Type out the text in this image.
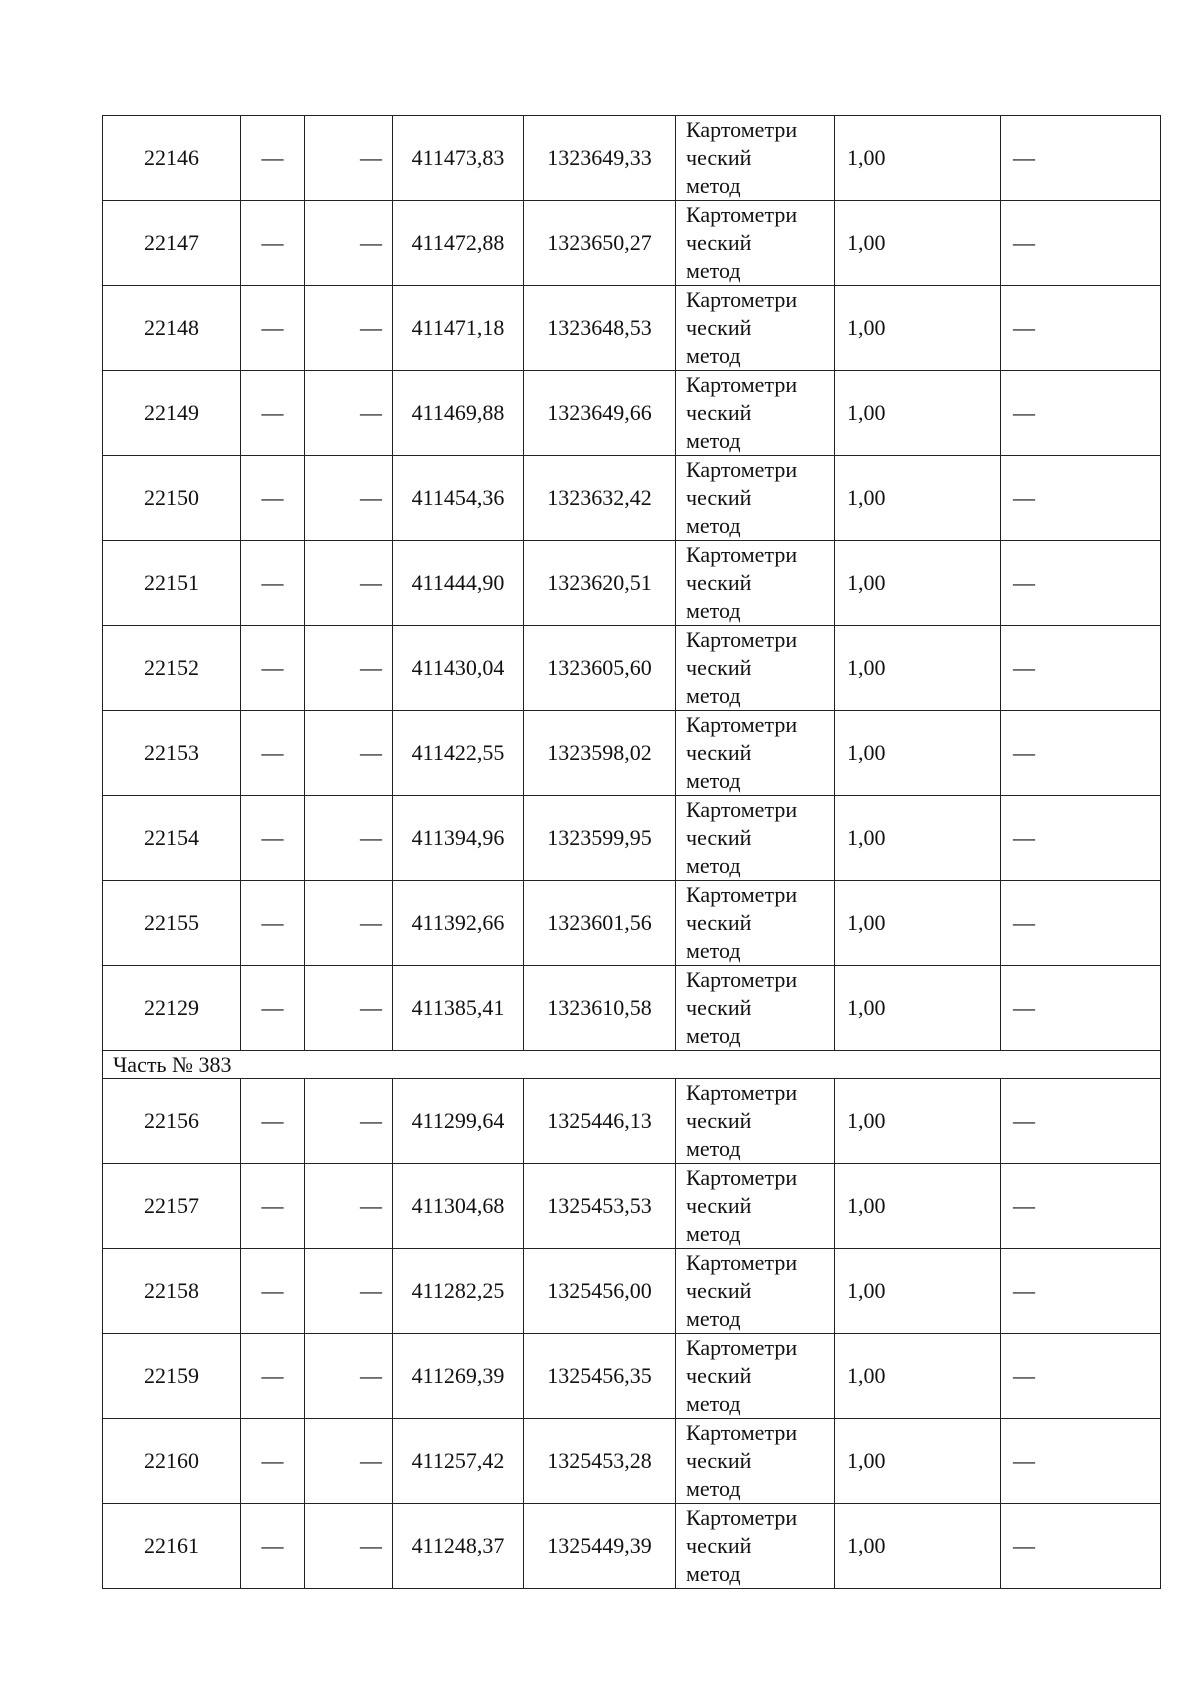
22146	—	—	411473,83	1323649,33	Картометри
ческий
метод	1,00	—
22147	—	—	411472,88	1323650,27	Картометри
ческий
метод	1,00	—
22148	—	—	411471,18	1323648,53	Картометри
ческий
метод	1,00	—
22149	—	—	411469,88	1323649,66	Картометри
ческий
метод	1,00	—
22150	—	—	411454,36	1323632,42	Картометри
ческий
метод	1,00	—
22151	—	—	411444,90	1323620,51	Картометри
ческий
метод	1,00	—
22152	—	—	411430,04	1323605,60	Картометри
ческий
метод	1,00	—
22153	—	—	411422,55	1323598,02	Картометри
ческий
метод	1,00	—
22154	—	—	411394,96	1323599,95	Картометри
ческий
метод	1,00	—
22155	—	—	411392,66	1323601,56	Картометри
ческий
метод	1,00	—
22129	—	—	411385,41	1323610,58	Картометри
ческий
метод	1,00	—
Часть № 383							
22156	—	—	411299,64	1325446,13	Картометри
ческий
метод	1,00	—
22157	—	—	411304,68	1325453,53	Картометри
ческий
метод	1,00	—
22158	—	—	411282,25	1325456,00	Картометри
ческий
метод	1,00	—
22159	—	—	411269,39	1325456,35	Картометри
ческий
метод	1,00	—
22160	—	—	411257,42	1325453,28	Картометри
ческий
метод	1,00	—
22161	—	—	411248,37	1325449,39	Картометри
ческий
метод	1,00	—
